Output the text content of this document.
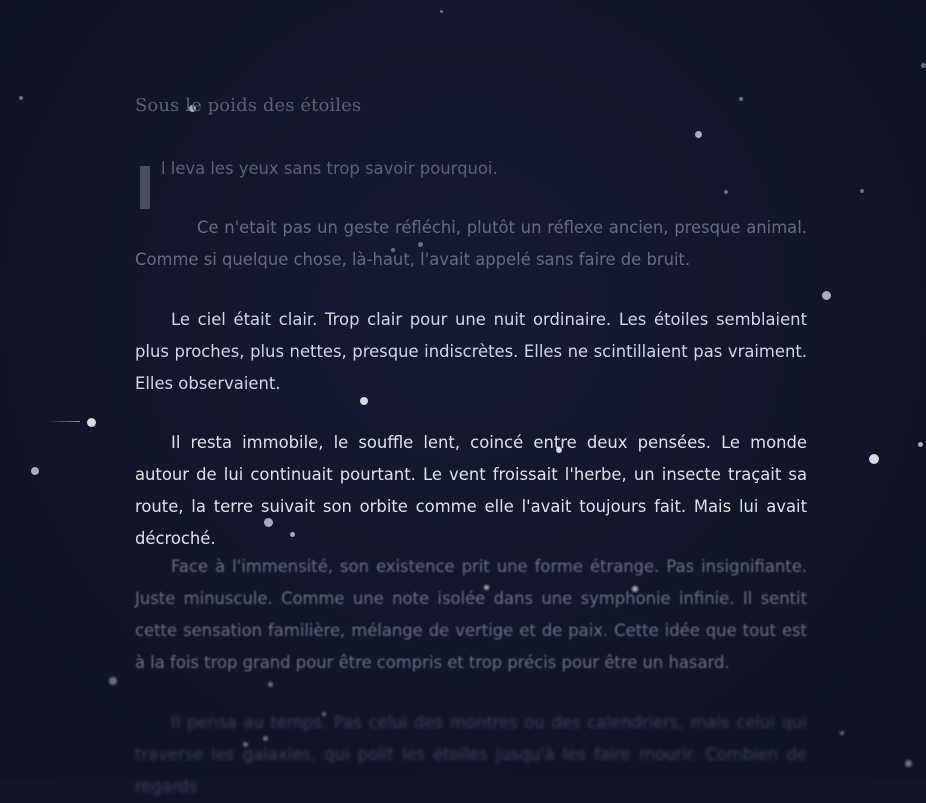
Sous le poids des étoiles

l leva les yeux sans trop savoir pourquoi.

Ce n'etait pas un geste réfléchi, plutôt un réflexe ancien, presque animal. Comme si quelque chose, là-haut, l'avait appelé sans faire de bruit.

Le ciel était clair. Trop clair pour une nuit ordinaire. Les étoiles semblaient plus proches, plus nettes, presque indiscrètes. Elles ne scintillaient pas vraiment. Elles observaient.

Il resta immobile, le souffle lent, coincé entre deux pensées. Le monde autour de lui continuait pourtant. Le vent froissait l'herbe, un insecte traçait sa route, la terre suivait son orbite comme elle l'avait toujours fait. Mais lui avait décroché.

Face à l'immensité, son existence prit une forme étrange. Pas insignifiante. Juste minuscule. Comme une note isolée dans une symphonie infinie. Il sentit cette sensation familière, mélange de vertige et de paix. Cette idée que tout est à la fois trop grand pour être compris et trop précis pour être un hasard.

Il pensa au temps. Pas celui des montres ou des calendriers, mais celui qui traverse les galaxies, qui polit les étoiles jusqu'à les faire mourir. Combien de regards
